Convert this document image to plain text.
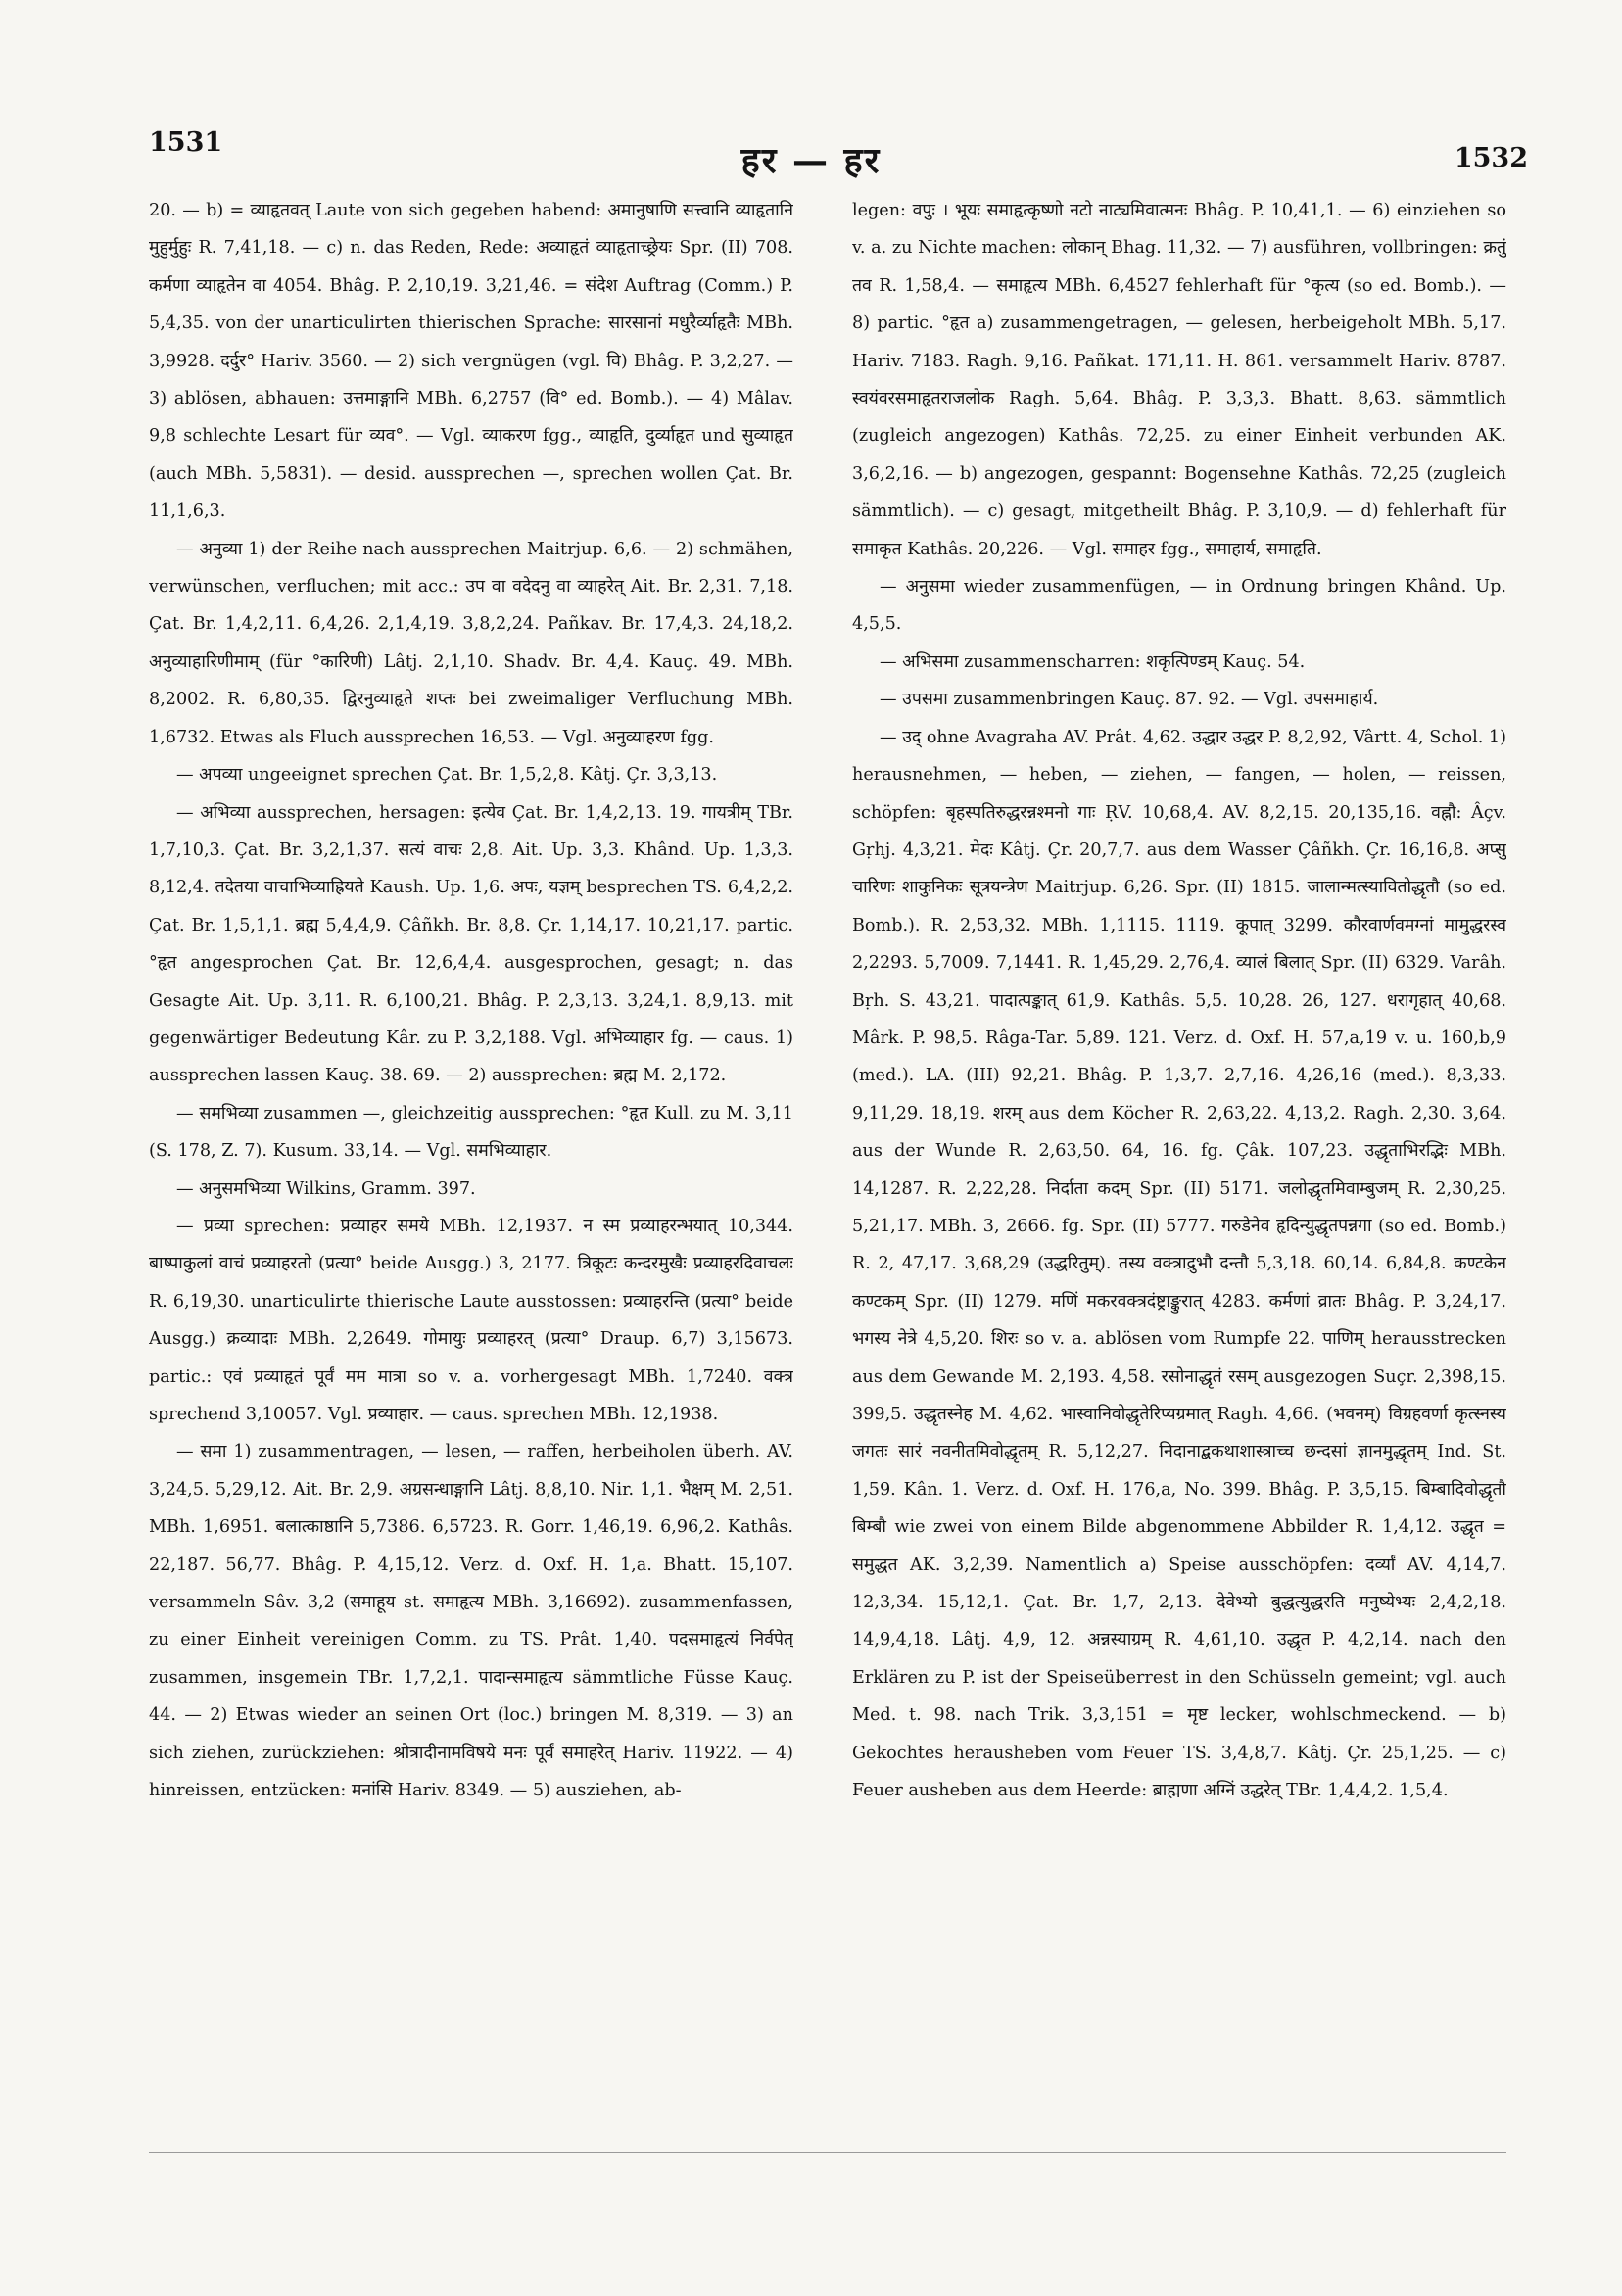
1531	हर — हर	1532

20. — b) = व्याहृतवत् Laute von sich gegeben habend: अमानुषाणि सत्त्वानि व्याहृतानि मुहुर्मुहुः R. 7,41,18. — c) n. das Reden, Rede: अव्याहृतं व्याहृताच्छ्रेयः Spr. (II) 708. कर्मणा व्याहृतेन वा 4054. Bhâg. P. 2,10,19. 3,21,46. = संदेश Auftrag (Comm.) P. 5,4,35. von der unarticulirten thierischen Sprache: सारसानां मधुरैर्व्याहृतैः MBh. 3,9928. दर्दुर° Hariv. 3560. — 2) sich vergnügen (vgl. वि) Bhâg. P. 3,2,27. — 3) ablösen, abhauen: उत्तमाङ्गानि MBh. 6,2757 (वि° ed. Bomb.). — 4) Mâlav. 9,8 schlechte Lesart für व्यव°. — Vgl. व्याकरण fgg., व्याहृति, दुर्व्याहृत und सुव्याहृत (auch MBh. 5,5831). — desid. aussprechen —, sprechen wollen Çat. Br. 11,1,6,3.

— अनुव्या 1) der Reihe nach aussprechen Maitrjup. 6,6. — 2) schmähen, verwünschen, verfluchen; mit acc.: उप वा वदेदनु वा व्याहरेत् Ait. Br. 2,31. 7,18. Çat. Br. 1,4,2,11. 6,4,26. 2,1,4,19. 3,8,2,24. Pañkav. Br. 17,4,3. 24,18,2. अनुव्याहारिणीमाम् (für °कारिणी) Lâtj. 2,1,10. Shadv. Br. 4,4. Kauç. 49. MBh. 8,2002. R. 6,80,35. द्विरनुव्याहृते शप्तः bei zweimaliger Verfluchung MBh. 1,6732. Etwas als Fluch aussprechen 16,53. — Vgl. अनुव्याहरण fgg.

— अपव्या ungeeignet sprechen Çat. Br. 1,5,2,8. Kâtj. Çr. 3,3,13.

— अभिव्या aussprechen, hersagen: इत्येव Çat. Br. 1,4,2,13. 19. गायत्रीम् TBr. 1,7,10,3. Çat. Br. 3,2,1,37. सत्यं वाचः 2,8. Ait. Up. 3,3. Khând. Up. 1,3,3. 8,12,4. तदेतया वाचाभिव्याह्रियते Kaush. Up. 1,6. अपः, यज्ञम् besprechen TS. 6,4,2,2. Çat. Br. 1,5,1,1. ब्रह्म 5,4,4,9. Çâñkh. Br. 8,8. Çr. 1,14,17. 10,21,17. partic. °हृत angesprochen Çat. Br. 12,6,4,4. ausgesprochen, gesagt; n. das Gesagte Ait. Up. 3,11. R. 6,100,21. Bhâg. P. 2,3,13. 3,24,1. 8,9,13. mit gegenwärtiger Bedeutung Kâr. zu P. 3,2,188. Vgl. अभिव्याहार fg. — caus. 1) aussprechen lassen Kauç. 38. 69. — 2) aussprechen: ब्रह्म M. 2,172.

— समभिव्या zusammen —, gleichzeitig aussprechen: °हृत Kull. zu M. 3,11 (S. 178, Z. 7). Kusum. 33,14. — Vgl. समभिव्याहार.

— अनुसमभिव्या Wilkins, Gramm. 397.

— प्रव्या sprechen: प्रव्याहर समये MBh. 12,1937. न स्म प्रव्याहरन्भयात् 10,344. बाष्पाकुलां वाचं प्रव्याहरतो (प्रत्या° beide Ausgg.) 3, 2177. त्रिकूटः कन्दरमुखैः प्रव्याहरदिवाचलः R. 6,19,30. unarticulirte thierische Laute ausstossen: प्रव्याहरन्ति (प्रत्या° beide Ausgg.) क्रव्यादाः MBh. 2,2649. गोमायुः प्रव्याहरत् (प्रत्या° Draup. 6,7) 3,15673. partic.: एवं प्रव्याहृतं पूर्वं मम मात्रा so v. a. vorhergesagt MBh. 1,7240. वक्त्र sprechend 3,10057. Vgl. प्रव्याहार. — caus. sprechen MBh. 12,1938.

— समा 1) zusammentragen, — lesen, — raffen, herbeiholen überh. AV. 3,24,5. 5,29,12. Ait. Br. 2,9. अग्रसन्धाङ्गानि Lâtj. 8,8,10. Nir. 1,1. भैक्षम् M. 2,51. MBh. 1,6951. बलात्काष्ठानि 5,7386. 6,5723. R. Gorr. 1,46,19. 6,96,2. Kathâs. 22,187. 56,77. Bhâg. P. 4,15,12. Verz. d. Oxf. H. 1,a. Bhatt. 15,107. versammeln Sâv. 3,2 (समाहूय st. समाहृत्य MBh. 3,16692). zusammenfassen, zu einer Einheit vereinigen Comm. zu TS. Prât. 1,40. पदसमाहृत्यं निर्वपेत् zusammen, insgemein TBr. 1,7,2,1. पादान्समाहृत्य sämmtliche Füsse Kauç. 44. — 2) Etwas wieder an seinen Ort (loc.) bringen M. 8,319. — 3) an sich ziehen, zurückziehen: श्रोत्रादीनामविषये मनः पूर्वं समाहरेत् Hariv. 11922. — 4) hinreissen, entzücken: मनांसि Hariv. 8349. — 5) ausziehen, ab-

legen: वपुः । भूयः समाहृत्कृष्णो नटो नाट्यमिवात्मनः Bhâg. P. 10,41,1. — 6) einziehen so v. a. zu Nichte machen: लोकान् Bhag. 11,32. — 7) ausführen, vollbringen: क्रतुं तव R. 1,58,4. — समाहृत्य MBh. 6,4527 fehlerhaft für °कृत्य (so ed. Bomb.). — 8) partic. °हृत a) zusammengetragen, — gelesen, herbeigeholt MBh. 5,17. Hariv. 7183. Ragh. 9,16. Pañkat. 171,11. H. 861. versammelt Hariv. 8787. स्वयंवरसमाहृतराजलोक Ragh. 5,64. Bhâg. P. 3,3,3. Bhatt. 8,63. sämmtlich (zugleich angezogen) Kathâs. 72,25. zu einer Einheit verbunden AK. 3,6,2,16. — b) angezogen, gespannt: Bogensehne Kathâs. 72,25 (zugleich sämmtlich). — c) gesagt, mitgetheilt Bhâg. P. 3,10,9. — d) fehlerhaft für समाकृत Kathâs. 20,226. — Vgl. समाहर fgg., समाहार्य, समाहृति.

— अनुसमा wieder zusammenfügen, — in Ordnung bringen Khând. Up. 4,5,5.

— अभिसमा zusammenscharren: शकृत्पिण्डम् Kauç. 54.

— उपसमा zusammenbringen Kauç. 87. 92. — Vgl. उपसमाहार्य.

— उद् ohne Avagraha AV. Prât. 4,62. उद्धार उद्धर P. 8,2,92, Vârtt. 4, Schol. 1) herausnehmen, — heben, — ziehen, — fangen, — holen, — reissen, schöpfen: बृहस्पतिरुद्धरन्नश्मनो गाः ṚV. 10,68,4. AV. 8,2,15. 20,135,16. वह्नौ: Âçv. Gṛhj. 4,3,21. मेदः Kâtj. Çr. 20,7,7. aus dem Wasser Çâñkh. Çr. 16,16,8. अप्सु चारिणः शाकुनिकः सूत्रयन्त्रेण Maitrjup. 6,26. Spr. (II) 1815. जालान्मत्स्यावितोद्धृतौ (so ed. Bomb.). R. 2,53,32. MBh. 1,1115. 1119. कूपात् 3299. कौरवार्णवमग्नां मामुद्धरस्व 2,2293. 5,7009. 7,1441. R. 1,45,29. 2,76,4. व्यालं बिलात् Spr. (II) 6329. Varâh. Bṛh. S. 43,21. पादात्पङ्कात् 61,9. Kathâs. 5,5. 10,28. 26, 127. धरागृहात् 40,68. Mârk. P. 98,5. Râga-Tar. 5,89. 121. Verz. d. Oxf. H. 57,a,19 v. u. 160,b,9 (med.). LA. (III) 92,21. Bhâg. P. 1,3,7. 2,7,16. 4,26,16 (med.). 8,3,33. 9,11,29. 18,19. शरम् aus dem Köcher R. 2,63,22. 4,13,2. Ragh. 2,30. 3,64. aus der Wunde R. 2,63,50. 64, 16. fg. Çâk. 107,23. उद्धृताभिरद्भिः MBh. 14,1287. R. 2,22,28. निर्दाता कदम् Spr. (II) 5171. जलोद्धृतमिवाम्बुजम् R. 2,30,25. 5,21,17. MBh. 3, 2666. fg. Spr. (II) 5777. गरुडेनेव हृदिन्युद्धृतपन्नगा (so ed. Bomb.) R. 2, 47,17. 3,68,29 (उद्धरितुम्). तस्य वक्त्राद्रुभौ दन्तौ 5,3,18. 60,14. 6,84,8. कण्टकेन कण्टकम् Spr. (II) 1279. मणिं मकरवक्त्रदंष्ट्राङ्कुरात् 4283. कर्मणां व्रातः Bhâg. P. 3,24,17. भगस्य नेत्रे 4,5,20. शिरः so v. a. ablösen vom Rumpfe 22. पाणिम् herausstrecken aus dem Gewande M. 2,193. 4,58. रसोनाद्धृतं रसम् ausgezogen Suçr. 2,398,15. 399,5. उद्धृतस्नेह M. 4,62. भास्वानिवोद्धृतेरिप्यग्रमात् Ragh. 4,66. (भवनम्) विग्रहवर्णा कृत्स्नस्य जगतः सारं नवनीतमिवोद्धृतम् R. 5,12,27. निदानाद्बकथाशास्त्राच्च छन्दसां ज्ञानमुद्धृतम् Ind. St. 1,59. Kân. 1. Verz. d. Oxf. H. 176,a, No. 399. Bhâg. P. 3,5,15. बिम्बादिवोद्धृतौ बिम्बौ wie zwei von einem Bilde abgenommene Abbilder R. 1,4,12. उद्धृत = समुद्धत AK. 3,2,39. Namentlich a) Speise ausschöpfen: दर्व्यां AV. 4,14,7. 12,3,34. 15,12,1. Çat. Br. 1,7, 2,13. देवेभ्यो बुद्धत्युद्धरति मनुष्येभ्यः 2,4,2,18. 14,9,4,18. Lâtj. 4,9, 12. अन्नस्याग्रम् R. 4,61,10. उद्धृत P. 4,2,14. nach den Erklären zu P. ist der Speiseüberrest in den Schüsseln gemeint; vgl. auch Med. t. 98. nach Trik. 3,3,151 = मृष्ट lecker, wohlschmeckend. — b) Gekochtes herausheben vom Feuer TS. 3,4,8,7. Kâtj. Çr. 25,1,25. — c) Feuer ausheben aus dem Heerde: ब्राह्मणा अग्निं उद्धरेत् TBr. 1,4,4,2. 1,5,4.
